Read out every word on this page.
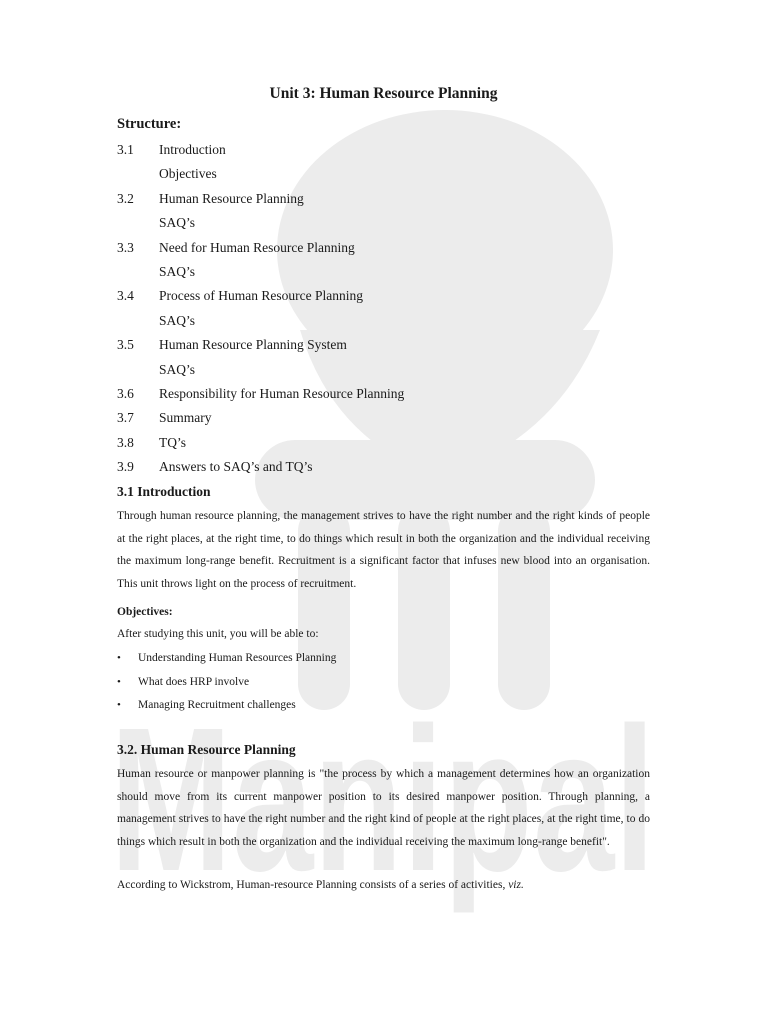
Manipal
Unit 3: Human Resource Planning
Structure:
3.1 Introduction
Objectives
3.2 Human Resource Planning
SAQ’s
3.3 Need for Human Resource Planning
SAQ’s
3.4 Process of Human Resource Planning
SAQ’s
3.5 Human Resource Planning System
SAQ’s
3.6 Responsibility for Human Resource Planning
3.7 Summary
3.8 TQ’s
3.9 Answers to SAQ’s and TQ’s
3.1 Introduction

Through human resource planning, the management strives to have the right number and the right kinds of people at the right places, at the right time, to do things which result in both the organization and the individual receiving the maximum long-range benefit. Recruitment is a significant factor that infuses new blood into an organisation. This unit throws light on the process of recruitment.

Objectives:
After studying this unit, you will be able to:
• Understanding Human Resources Planning
• What does HRP involve
• Managing Recruitment challenges
3.2. Human Resource Planning

Human resource or manpower planning is "the process by which a management determines how an organization should move from its current manpower position to its desired manpower position. Through planning, a management strives to have the right number and the right kind of people at the right places, at the right time, to do things which result in both the organization and the individual receiving the maximum long-range benefit".

According to Wickstrom, Human-resource Planning consists of a series of activities, viz.
